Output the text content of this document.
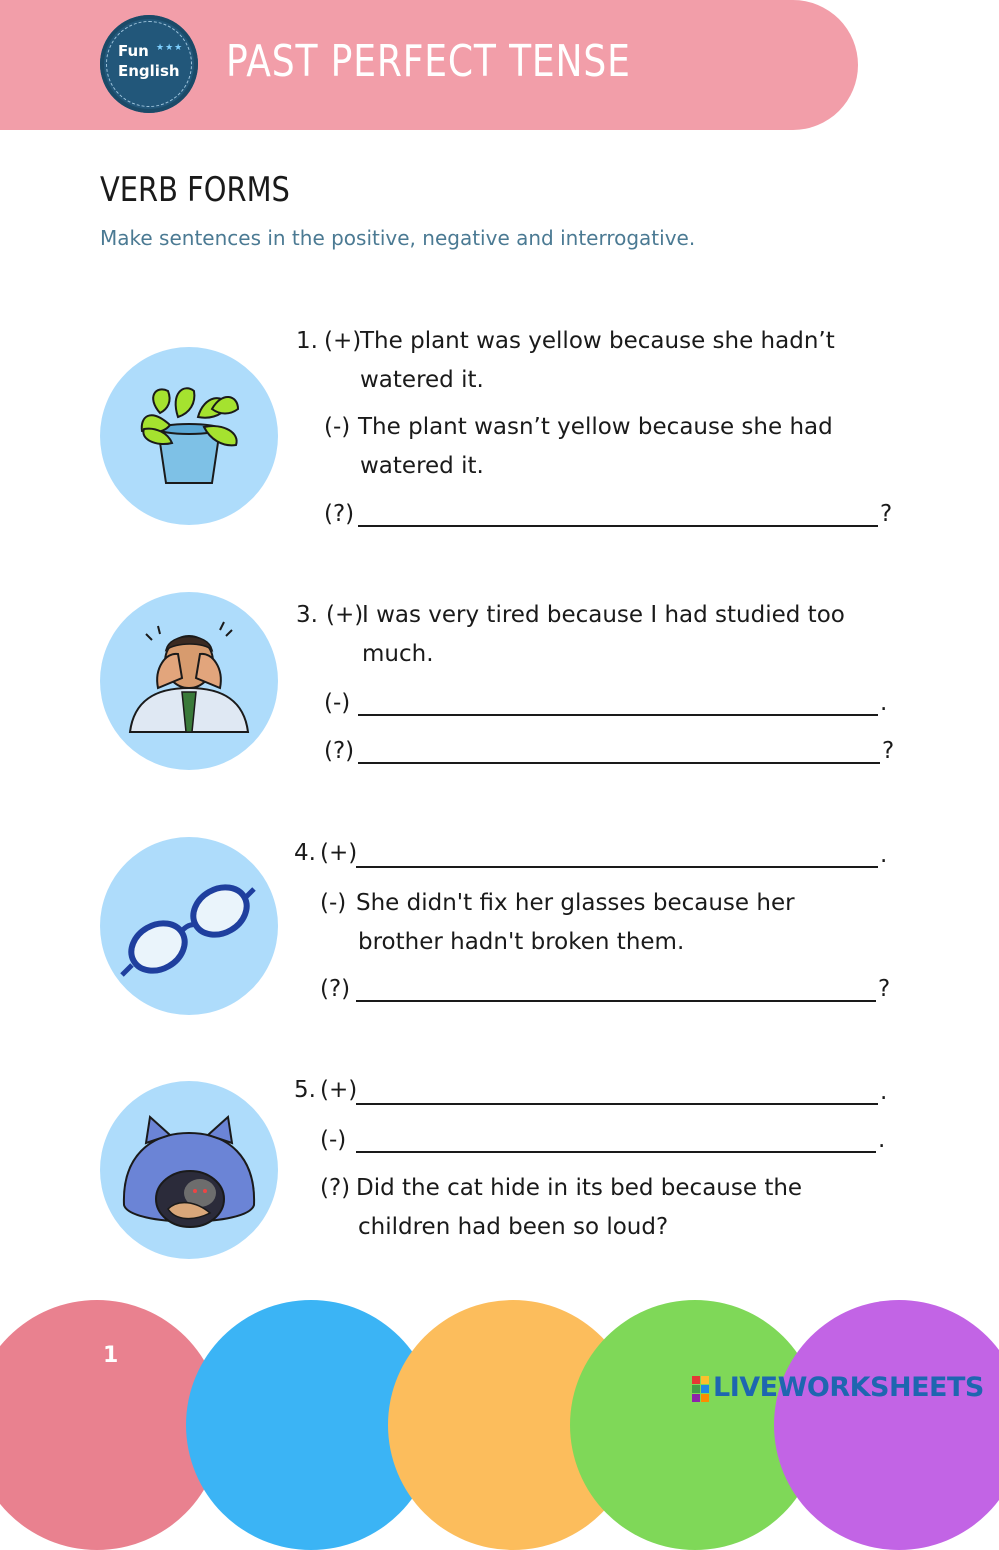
Fun
English
★★★ PAST PERFECT TENSE
VERB FORMS
Make sentences in the positive, negative and interrogative.
1. (+)
The plant was yellow because she hadn’t
watered it.
(-) The plant wasn’t yellow because she had
watered it.
(?)	?
3. (+)
I was very tired because I had studied too
much.
(-)	.
(?)	?
4. (+)	.
(-) She didn't fix her glasses because her
brother hadn't broken them.
(?)	?
5. (+)	.
(-)	.
(?) Did the cat hide in its bed because the
children had been so loud?
1
LIVEWORKSHEETS
